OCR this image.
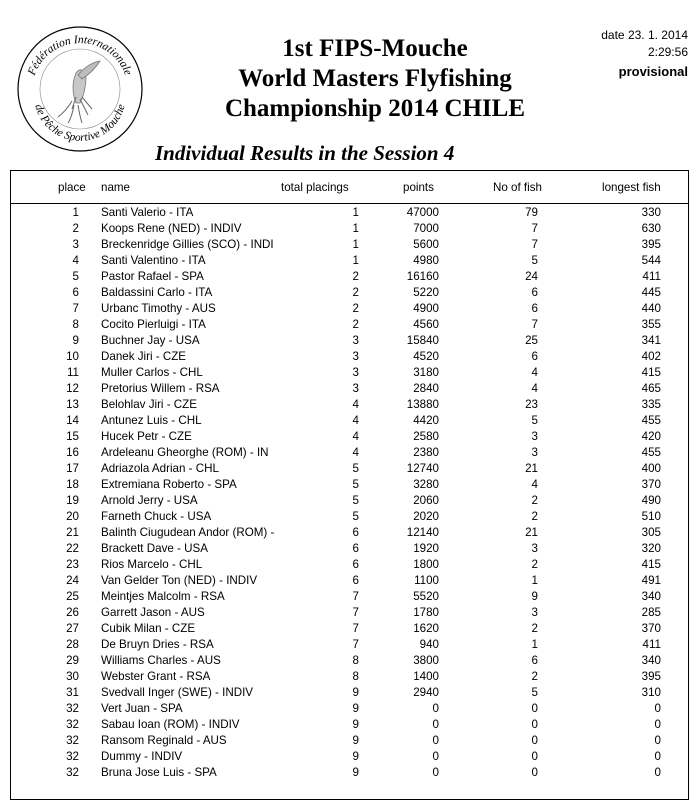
Fédération Internationale
de Pêche Sportive Mouche
1st FIPS-Mouche
World Masters Flyfishing
Championship 2014 CHILE
Individual Results in the Session 4
date 23. 1. 2014
2:29:56
provisional
place name	total placings	points	No of fish	longest fish
1 Santi Valerio - ITA	1	47000	79	330
2 Koops Rene (NED) - INDIV	1	7000	7	630
3 Breckenridge Gillies (SCO) - INDI	1	5600	7	395
4 Santi Valentino - ITA	1	4980	5	544
5 Pastor Rafael - SPA	2	16160	24	411
6 Baldassini Carlo - ITA	2	5220	6	445
7 Urbanc Timothy - AUS	2	4900	6	440
8 Cocito Pierluigi - ITA	2	4560	7	355
9 Buchner Jay - USA	3	15840	25	341
10 Danek Jiri - CZE	3	4520	6	402
11 Muller Carlos - CHL	3	3180	4	415
12 Pretorius Willem - RSA	3	2840	4	465
13 Belohlav Jiri - CZE	4	13880	23	335
14 Antunez Luis - CHL	4	4420	5	455
15 Hucek Petr - CZE	4	2580	3	420
16 Ardeleanu Gheorghe (ROM) - IN	4	2380	3	455
17 Adriazola Adrian - CHL	5	12740	21	400
18 Extremiana Roberto - SPA	5	3280	4	370
19 Arnold Jerry - USA	5	2060	2	490
20 Farneth Chuck - USA	5	2020	2	510
21 Balinth Ciugudean Andor (ROM) -	6	12140	21	305
22 Brackett Dave - USA	6	1920	3	320
23 Rios Marcelo - CHL	6	1800	2	415
24 Van Gelder Ton (NED) - INDIV	6	1100	1	491
25 Meintjes Malcolm - RSA	7	5520	9	340
26 Garrett Jason - AUS	7	1780	3	285
27 Cubik Milan - CZE	7	1620	2	370
28 De Bruyn Dries - RSA	7	940	1	411
29 Williams Charles - AUS	8	3800	6	340
30 Webster Grant - RSA	8	1400	2	395
31 Svedvall Inger (SWE) - INDIV	9	2940	5	310
32 Vert Juan - SPA	9	0	0	0
32 Sabau Ioan (ROM) - INDIV	9	0	0	0
32 Ransom Reginald - AUS	9	0	0	0
32 Dummy - INDIV	9	0	0	0
32 Bruna Jose Luis - SPA	9	0	0	0
